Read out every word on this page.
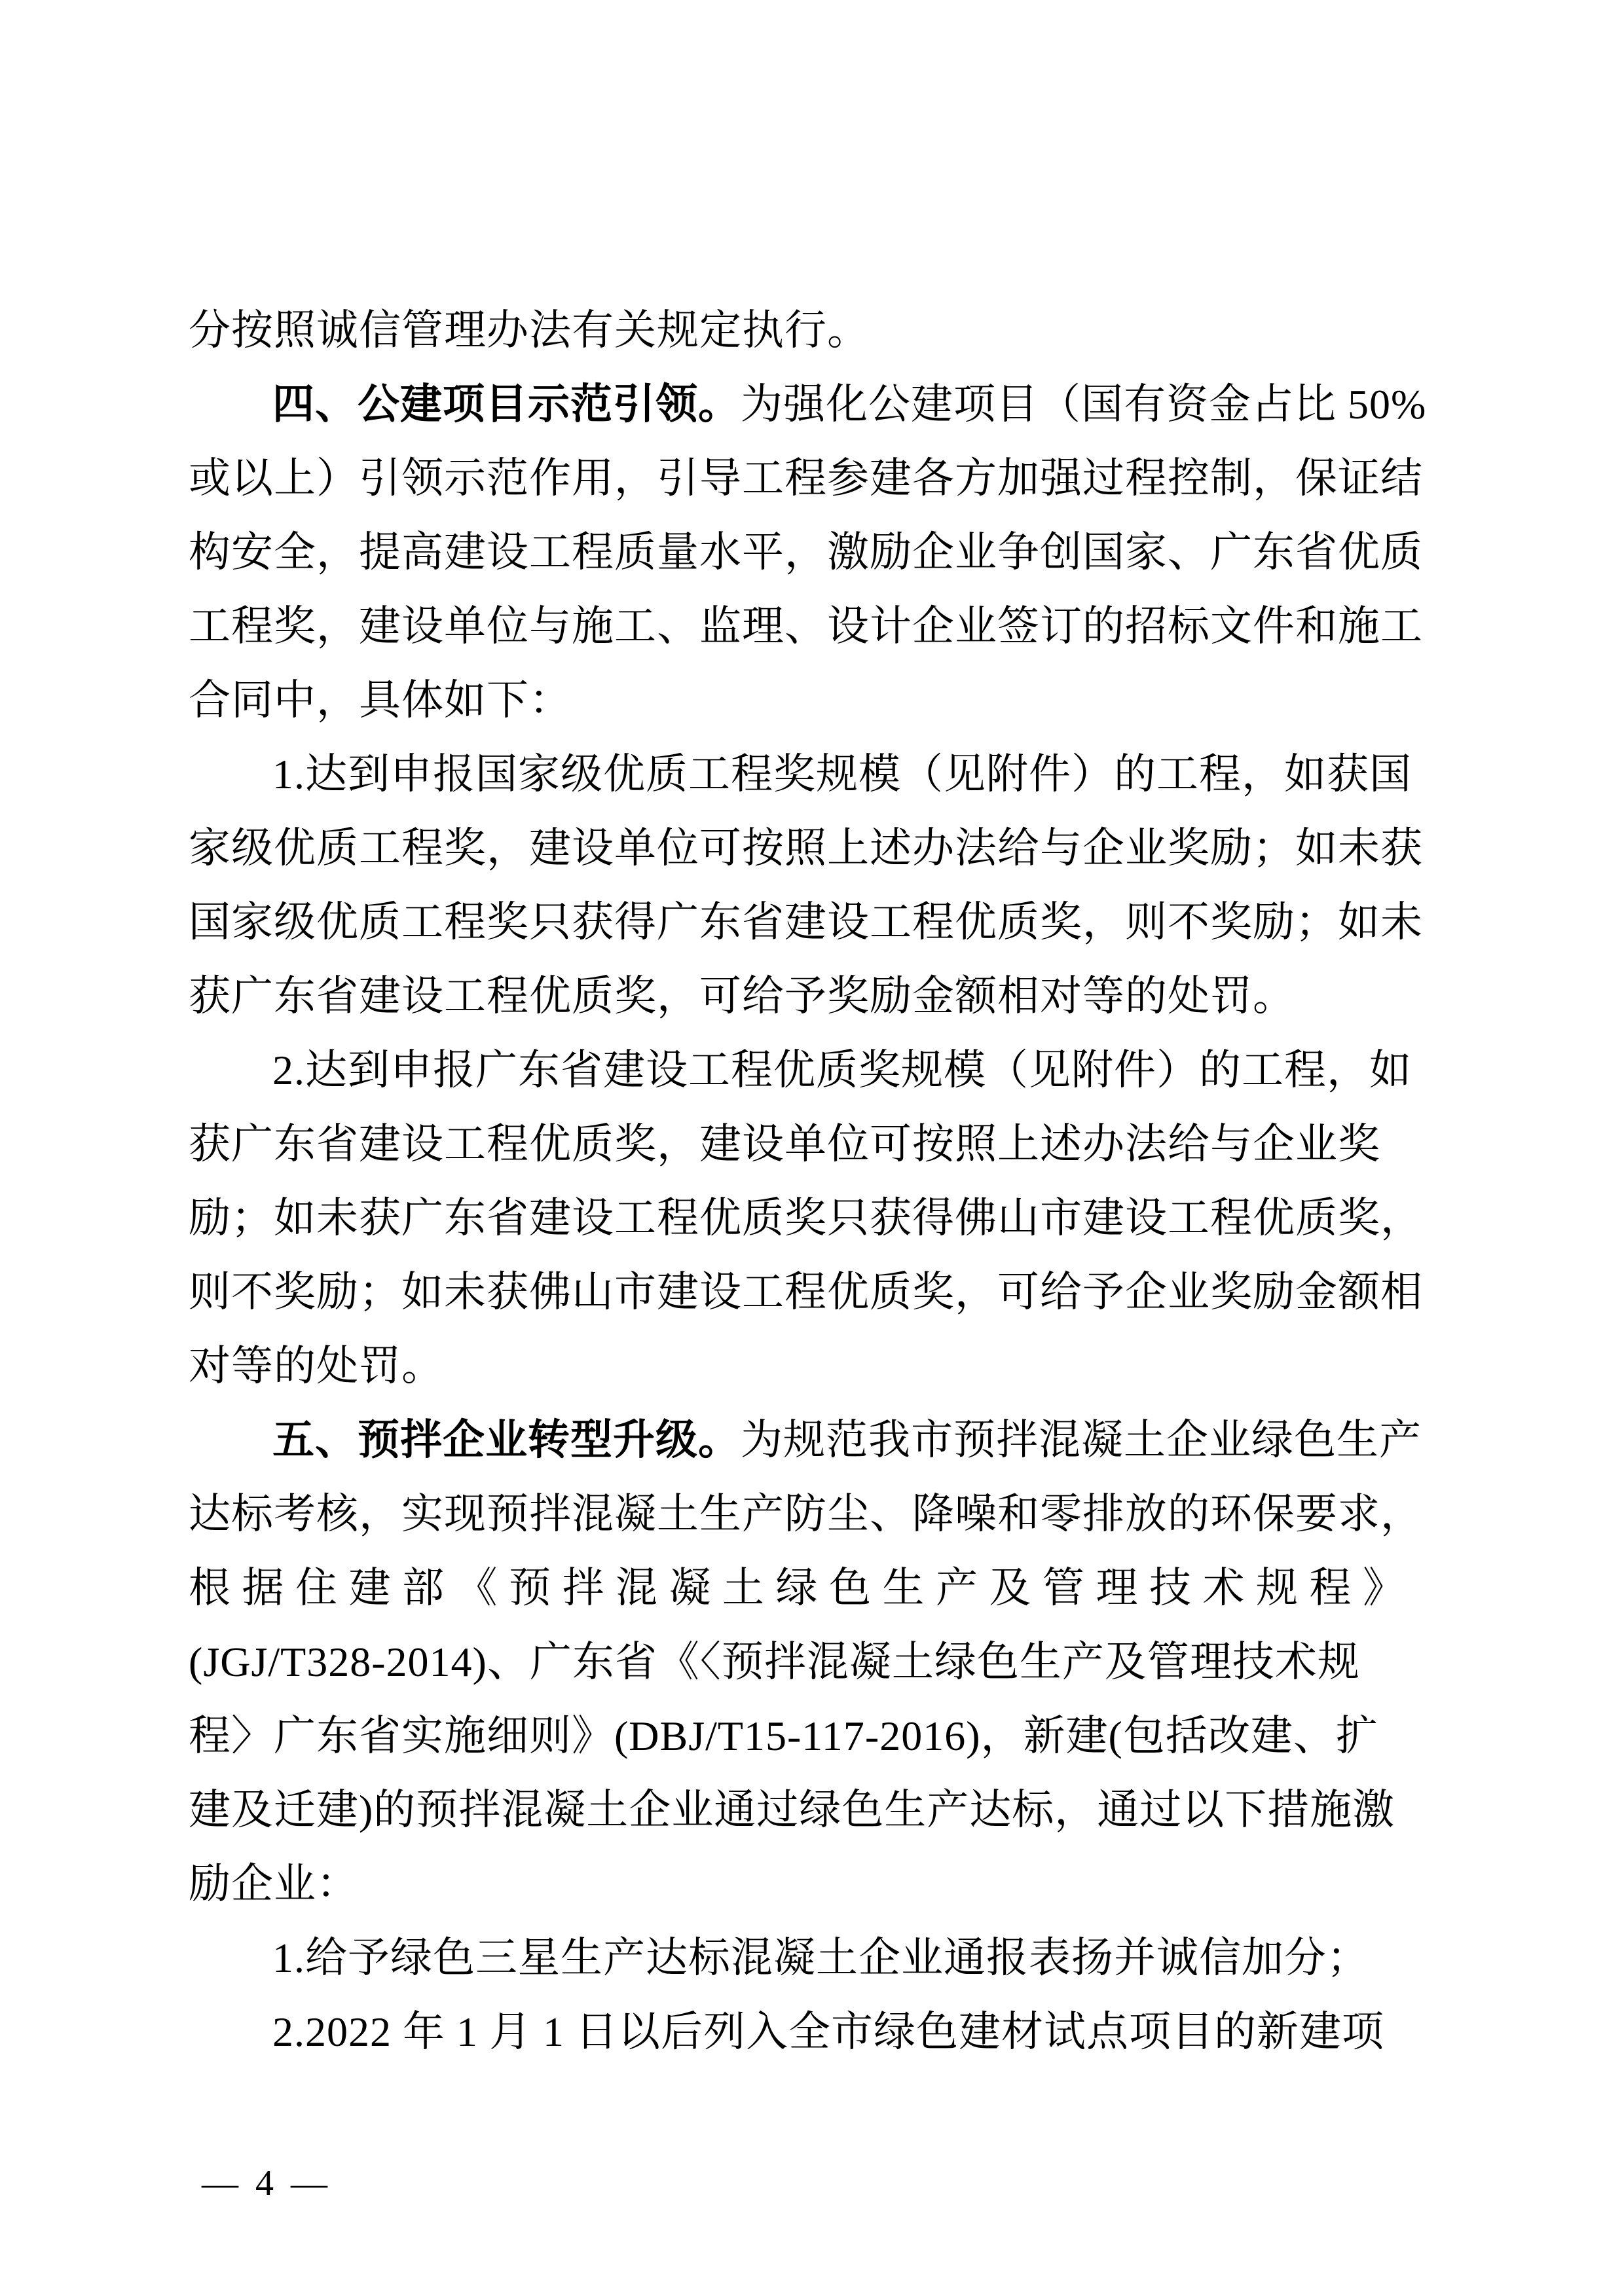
分按照诚信管理办法有关规定执行。
四、公建项目示范引领。为强化公建项目（国有资金占比 50%
或以上）引领示范作用，引导工程参建各方加强过程控制，保证结
构安全，提高建设工程质量水平，激励企业争创国家、广东省优质
工程奖，建设单位与施工、监理、设计企业签订的招标文件和施工
合同中，具体如下：
1.达到申报国家级优质工程奖规模（见附件）的工程，如获国
家级优质工程奖，建设单位可按照上述办法给与企业奖励；如未获
国家级优质工程奖只获得广东省建设工程优质奖，则不奖励；如未
获广东省建设工程优质奖，可给予奖励金额相对等的处罚。
2.达到申报广东省建设工程优质奖规模（见附件）的工程，如
获广东省建设工程优质奖，建设单位可按照上述办法给与企业奖
励；如未获广东省建设工程优质奖只获得佛山市建设工程优质奖，
则不奖励；如未获佛山市建设工程优质奖，可给予企业奖励金额相
对等的处罚。
五、预拌企业转型升级。为规范我市预拌混凝土企业绿色生产
达标考核，实现预拌混凝土生产防尘、降噪和零排放的环保要求，
根据住建部《预拌混凝土绿色生产及管理技术规程》
(JGJ/T328-2014)、广东省《〈预拌混凝土绿色生产及管理技术规
程〉广东省实施细则》(DBJ/T15-117-2016)，新建(包括改建、扩
建及迁建)的预拌混凝土企业通过绿色生产达标，通过以下措施激
励企业：
1.给予绿色三星生产达标混凝土企业通报表扬并诚信加分；
2.2022 年 1 月 1 日以后列入全市绿色建材试点项目的新建项
— 4 —
